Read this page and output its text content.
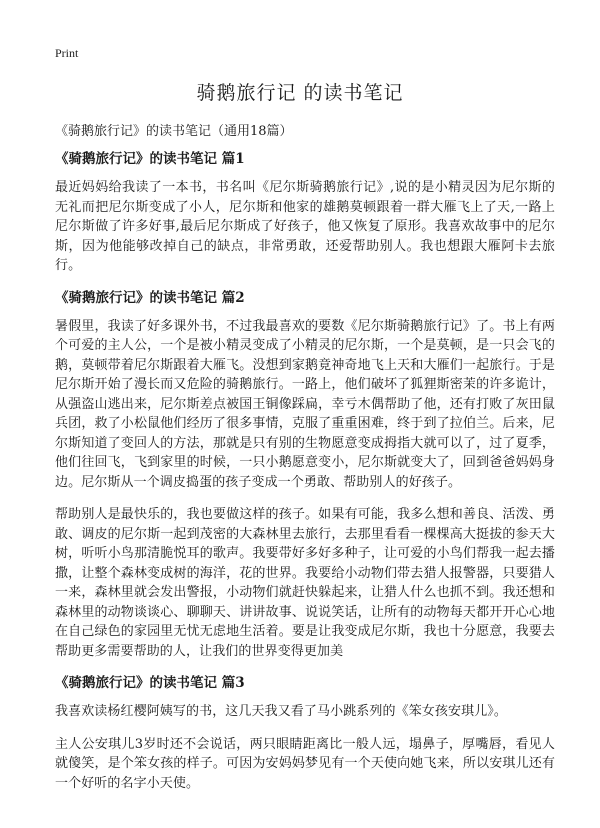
Print
骑鹅旅行记 的读书笔记

《骑鹅旅行记》的读书笔记（通用18篇）

《骑鹅旅行记》的读书笔记 篇1

最近妈妈给我读了一本书，书名叫《尼尔斯骑鹅旅行记》,说的是小精灵因为尼尔斯的无礼而把尼尔斯变成了小人，尼尔斯和他家的雄鹅莫顿跟着一群大雁飞上了天,一路上尼尔斯做了许多好事,最后尼尔斯成了好孩子，他又恢复了原形。我喜欢故事中的尼尔斯，因为他能够改掉自己的缺点，非常勇敢，还爱帮助别人。我也想跟大雁阿卡去旅行。

《骑鹅旅行记》的读书笔记 篇2

暑假里，我读了好多课外书，不过我最喜欢的要数《尼尔斯骑鹅旅行记》了。书上有两个可爱的主人公，一个是被小精灵变成了小精灵的尼尔斯，一个是莫顿，是一只会飞的鹅，莫顿带着尼尔斯跟着大雁飞。没想到家鹅竟神奇地飞上天和大雁们一起旅行。于是尼尔斯开始了漫长而又危险的骑鹅旅行。一路上，他们破坏了狐狸斯密茉的许多诡计，从强盗山逃出来，尼尔斯差点被国王铜像踩扁，幸亏木偶帮助了他，还有打败了灰田鼠兵团，救了小松鼠他们经历了很多事情，克服了重重困难，终于到了拉伯兰。后来，尼尔斯知道了变回人的方法，那就是只有别的生物愿意变成拇指大就可以了，过了夏季，他们往回飞，飞到家里的时候，一只小鹅愿意变小，尼尔斯就变大了，回到爸爸妈妈身边。尼尔斯从一个调皮捣蛋的孩子变成一个勇敢、帮助别人的好孩子。

帮助别人是最快乐的，我也要做这样的孩子。如果有可能，我多么想和善良、活泼、勇敢、调皮的尼尔斯一起到茂密的大森林里去旅行，去那里看看一棵棵高大挺拔的参天大树，听听小鸟那清脆悦耳的歌声。我要带好多好多种子，让可爱的小鸟们帮我一起去播撒，让整个森林变成树的海洋，花的世界。我要给小动物们带去猎人报警器，只要猎人一来，森林里就会发出警报，小动物们就赶快躲起来，让猎人什么也抓不到。我还想和森林里的动物谈谈心、聊聊天、讲讲故事、说说笑话，让所有的动物每天都开开心心地在自己绿色的家园里无忧无虑地生活着。要是让我变成尼尔斯，我也十分愿意，我要去帮助更多需要帮助的人，让我们的世界变得更加美

《骑鹅旅行记》的读书笔记 篇3

我喜欢读杨红樱阿姨写的书，这几天我又看了马小跳系列的《笨女孩安琪儿》。

主人公安琪儿3岁时还不会说话，两只眼睛距离比一般人远，塌鼻子，厚嘴唇，看见人就傻笑，是个笨女孩的样子。可因为安妈妈梦见有一个天使向她飞来，所以安琪儿还有一个好听的名字小天使。
